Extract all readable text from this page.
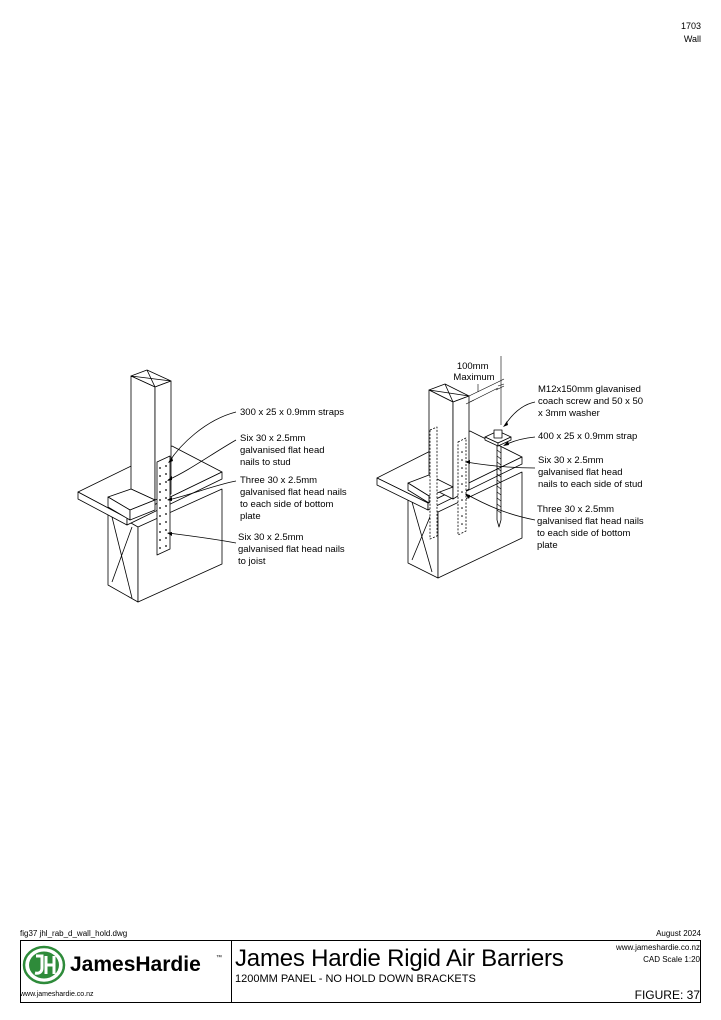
1703
Wall
300 x 25 x 0.9mm straps
Six 30 x 2.5mm galvanised flat head nails to stud
Three 30 x 2.5mm galvanised flat head nails to each side of bottom plate
Six 30 x 2.5mm galvanised flat head nails to joist
100mm Maximum
M12x150mm glavanised coach screw and 50 x 50 x 3mm washer
400 x 25 x 0.9mm strap
Six 30 x 2.5mm galvanised flat head nails to each side of stud
Three 30 x 2.5mm galvanised flat head nails to each side of bottom plate
fig37 jhl_rab_d_wall_hold.dwg	August 2024
JamesHardie	™
www.jameshardie.co.nz
James Hardie Rigid Air Barriers
1200MM PANEL - NO HOLD DOWN BRACKETS
www.jameshardie.co.nz
CAD Scale 1:20
FIGURE: 37
